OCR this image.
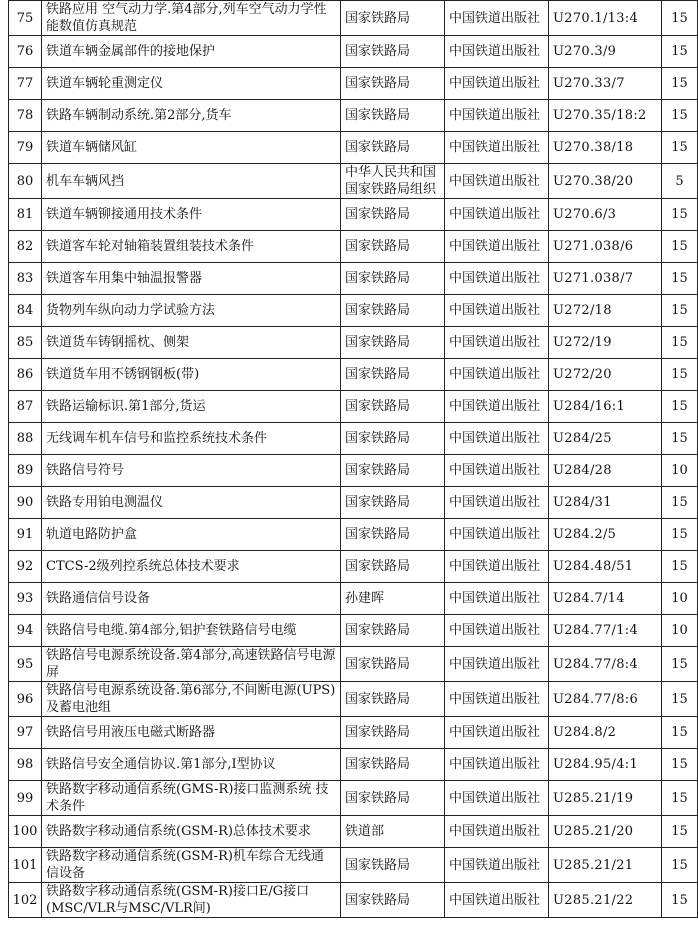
75	铁路应用 空气动力学.第4部分,列车空气动力学性能数值仿真规范	国家铁路局	中国铁道出版社	U270.1/13:4	15
76	铁道车辆金属部件的接地保护	国家铁路局	中国铁道出版社	U270.3/9	15
77	铁道车辆轮重测定仪	国家铁路局	中国铁道出版社	U270.33/7	15
78	铁路车辆制动系统.第2部分,货车	国家铁路局	中国铁道出版社	U270.35/18:2	15
79	铁道车辆储风缸	国家铁路局	中国铁道出版社	U270.38/18	15
80	机车车辆风挡	中华人民共和国国家铁路局组织	中国铁道出版社	U270.38/20	5
81	铁道车辆铆接通用技术条件	国家铁路局	中国铁道出版社	U270.6/3	15
82	铁道客车轮对轴箱装置组装技术条件	国家铁路局	中国铁道出版社	U271.038/6	15
83	铁道客车用集中轴温报警器	国家铁路局	中国铁道出版社	U271.038/7	15
84	货物列车纵向动力学试验方法	国家铁路局	中国铁道出版社	U272/18	15
85	铁道货车铸钢摇枕、侧架	国家铁路局	中国铁道出版社	U272/19	15
86	铁道货车用不锈钢钢板(带)	国家铁路局	中国铁道出版社	U272/20	15
87	铁路运输标识.第1部分,货运	国家铁路局	中国铁道出版社	U284/16:1	15
88	无线调车机车信号和监控系统技术条件	国家铁路局	中国铁道出版社	U284/25	15
89	铁路信号符号	国家铁路局	中国铁道出版社	U284/28	10
90	铁路专用铂电测温仪	国家铁路局	中国铁道出版社	U284/31	15
91	轨道电路防护盒	国家铁路局	中国铁道出版社	U284.2/5	15
92	CTCS-2级列控系统总体技术要求	国家铁路局	中国铁道出版社	U284.48/51	15
93	铁路通信信号设备	孙建晖	中国铁道出版社	U284.7/14	10
94	铁路信号电缆.第4部分,铝护套铁路信号电缆	国家铁路局	中国铁道出版社	U284.77/1:4	10
95	铁路信号电源系统设备.第4部分,高速铁路信号电源屏	国家铁路局	中国铁道出版社	U284.77/8:4	15
96	铁路信号电源系统设备.第6部分,不间断电源(UPS)及蓄电池组	国家铁路局	中国铁道出版社	U284.77/8:6	15
97	铁路信号用液压电磁式断路器	国家铁路局	中国铁道出版社	U284.8/2	15
98	铁路信号安全通信协议.第1部分,I型协议	国家铁路局	中国铁道出版社	U284.95/4:1	15
99	铁路数字移动通信系统(GMS-R)接口监测系统 技术条件	国家铁路局	中国铁道出版社	U285.21/19	15
100	铁路数字移动通信系统(GSM-R)总体技术要求	铁道部	中国铁道出版社	U285.21/20	15
101	铁路数字移动通信系统(GSM-R)机车综合无线通信设备	国家铁路局	中国铁道出版社	U285.21/21	15
102	铁路数字移动通信系统(GSM-R)接口E/G接口(MSC/VLR与MSC/VLR间)	国家铁路局	中国铁道出版社	U285.21/22	15
